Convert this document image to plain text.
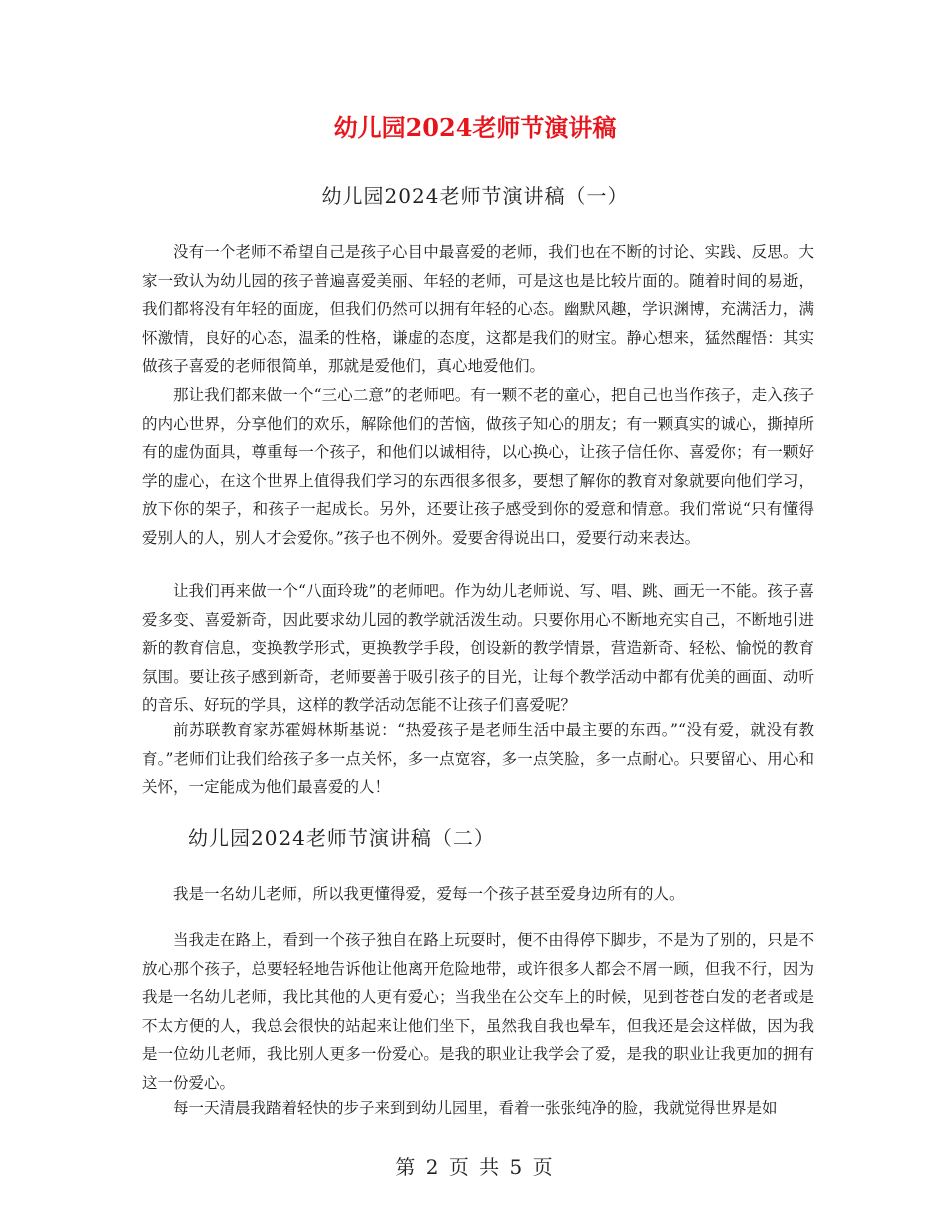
幼儿园2024老师节演讲稿
幼儿园2024老师节演讲稿（一）

没有一个老师不希望自己是孩子心目中最喜爱的老师，我们也在不断的讨论、实践、反思。大家一致认为幼儿园的孩子普遍喜爱美丽、年轻的老师，可是这也是比较片面的。随着时间的易逝，我们都将没有年轻的面庞，但我们仍然可以拥有年轻的心态。幽默风趣，学识渊博，充满活力，满怀激情，良好的心态，温柔的性格，谦虚的态度，这都是我们的财宝。静心想来，猛然醒悟：其实做孩子喜爱的老师很简单，那就是爱他们，真心地爱他们。

那让我们都来做一个“三心二意”的老师吧。有一颗不老的童心，把自己也当作孩子，走入孩子的内心世界，分享他们的欢乐，解除他们的苦恼，做孩子知心的朋友；有一颗真实的诚心，撕掉所有的虚伪面具，尊重每一个孩子，和他们以诚相待，以心换心，让孩子信任你、喜爱你；有一颗好学的虚心，在这个世界上值得我们学习的东西很多很多，要想了解你的教育对象就要向他们学习，放下你的架子，和孩子一起成长。另外，还要让孩子感受到你的爱意和情意。我们常说“只有懂得爱别人的人，别人才会爱你。”孩子也不例外。爱要舍得说出口，爱要行动来表达。

让我们再来做一个“八面玲珑”的老师吧。作为幼儿老师说、写、唱、跳、画无一不能。孩子喜爱多变、喜爱新奇，因此要求幼儿园的教学就活泼生动。只要你用心不断地充实自己，不断地引进新的教育信息，变换教学形式，更换教学手段，创设新的教学情景，营造新奇、轻松、愉悦的教育氛围。要让孩子感到新奇，老师要善于吸引孩子的目光，让每个教学活动中都有优美的画面、动听的音乐、好玩的学具，这样的教学活动怎能不让孩子们喜爱呢？

前苏联教育家苏霍姆林斯基说：“热爱孩子是老师生活中最主要的东西。”“没有爱，就没有教育。”老师们让我们给孩子多一点关怀，多一点宽容，多一点笑脸，多一点耐心。只要留心、用心和关怀，一定能成为他们最喜爱的人！

幼儿园2024老师节演讲稿（二）

我是一名幼儿老师，所以我更懂得爱，爱每一个孩子甚至爱身边所有的人。

当我走在路上，看到一个孩子独自在路上玩耍时，便不由得停下脚步，不是为了别的，只是不放心那个孩子，总要轻轻地告诉他让他离开危险地带，或许很多人都会不屑一顾，但我不行，因为我是一名幼儿老师，我比其他的人更有爱心；当我坐在公交车上的时候，见到苍苍白发的老者或是不太方便的人，我总会很快的站起来让他们坐下，虽然我自我也晕车，但我还是会这样做，因为我是一位幼儿老师，我比别人更多一份爱心。是我的职业让我学会了爱，是我的职业让我更加的拥有这一份爱心。

每一天清晨我踏着轻快的步子来到到幼儿园里，看着一张张纯净的脸，我就觉得世界是如

第 2 页 共 5 页
